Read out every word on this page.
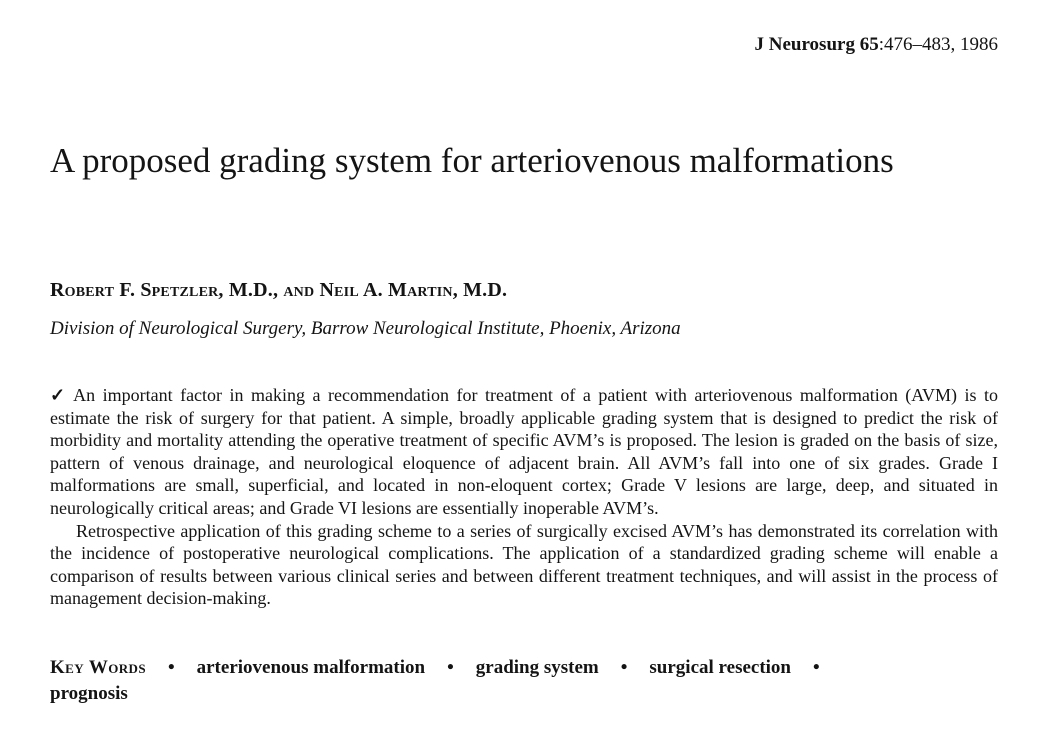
J Neurosurg 65:476–483, 1986
A proposed grading system for arteriovenous malformations
Robert F. Spetzler, M.D., and Neil A. Martin, M.D.
Division of Neurological Surgery, Barrow Neurological Institute, Phoenix, Arizona

✓ An important factor in making a recommendation for treatment of a patient with arteriovenous malformation (AVM) is to estimate the risk of surgery for that patient. A simple, broadly applicable grading system that is designed to predict the risk of morbidity and mortality attending the operative treatment of specific AVM’s is proposed. The lesion is graded on the basis of size, pattern of venous drainage, and neurological eloquence of adjacent brain. All AVM’s fall into one of six grades. Grade I malformations are small, superficial, and located in non-eloquent cortex; Grade V lesions are large, deep, and situated in neurologically critical areas; and Grade VI lesions are essentially inoperable AVM’s.

Retrospective application of this grading scheme to a series of surgically excised AVM’s has demonstrated its correlation with the incidence of postoperative neurological complications. The application of a standardized grading scheme will enable a comparison of results between various clinical series and between different treatment techniques, and will assist in the process of management decision-making.

Key Words • arteriovenous malformation • grading system • surgical resection •
prognosis
